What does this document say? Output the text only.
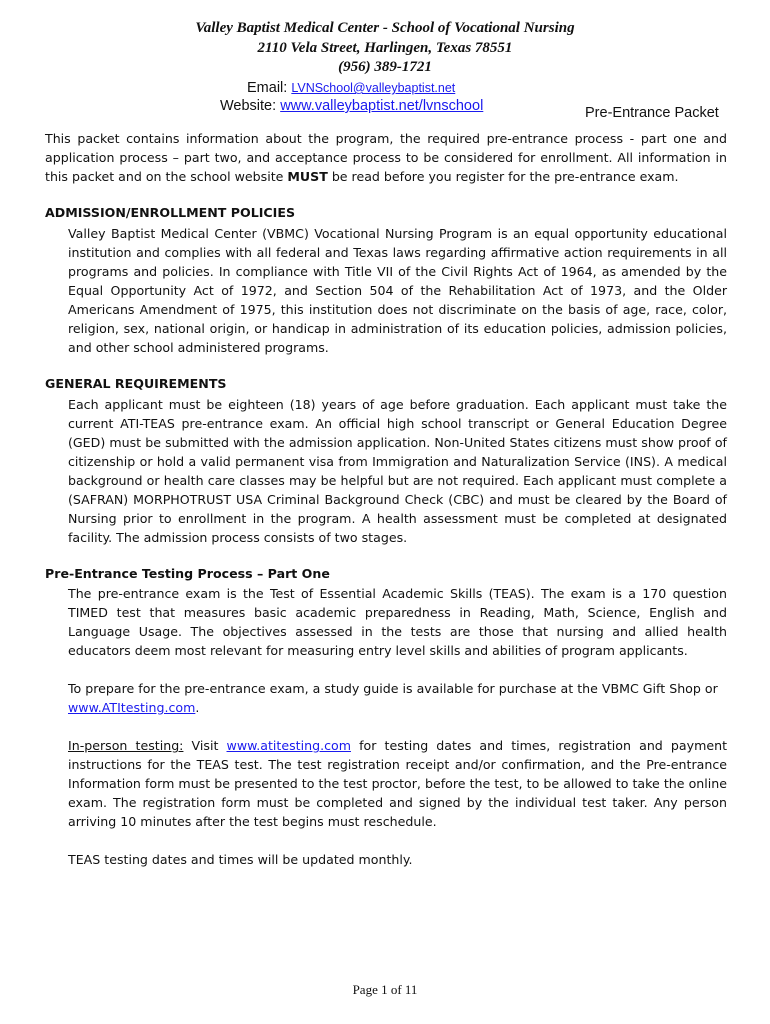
Valley Baptist Medical Center - School of Vocational Nursing
2110 Vela Street, Harlingen, Texas 78551
(956) 389-1721
Email: LVNSchool@valleybaptist.net
Website: www.valleybaptist.net/lvnschool	Pre-Entrance Packet

This packet contains information about the program, the required pre-entrance process - part one and application process – part two, and acceptance process to be considered for enrollment. All information in this packet and on the school website MUST be read before you register for the pre-entrance exam.

ADMISSION/ENROLLMENT POLICIES

Valley Baptist Medical Center (VBMC) Vocational Nursing Program is an equal opportunity educational institution and complies with all federal and Texas laws regarding affirmative action requirements in all programs and policies. In compliance with Title VII of the Civil Rights Act of 1964, as amended by the Equal Opportunity Act of 1972, and Section 504 of the Rehabilitation Act of 1973, and the Older Americans Amendment of 1975, this institution does not discriminate on the basis of age, race, color, religion, sex, national origin, or handicap in administration of its education policies, admission policies, and other school administered programs.

GENERAL REQUIREMENTS

Each applicant must be eighteen (18) years of age before graduation. Each applicant must take the current ATI-TEAS pre-entrance exam. An official high school transcript or General Education Degree (GED) must be submitted with the admission application. Non-United States citizens must show proof of citizenship or hold a valid permanent visa from Immigration and Naturalization Service (INS). A medical background or health care classes may be helpful but are not required. Each applicant must complete a (SAFRAN) MORPHOTRUST USA Criminal Background Check (CBC) and must be cleared by the Board of Nursing prior to enrollment in the program. A health assessment must be completed at designated facility. The admission process consists of two stages.

Pre-Entrance Testing Process – Part One

The pre-entrance exam is the Test of Essential Academic Skills (TEAS). The exam is a 170 question TIMED test that measures basic academic preparedness in Reading, Math, Science, English and Language Usage. The objectives assessed in the tests are those that nursing and allied health educators deem most relevant for measuring entry level skills and abilities of program applicants.

To prepare for the pre-entrance exam, a study guide is available for purchase at the VBMC Gift Shop or www.ATItesting.com.

In-person testing: Visit www.atitesting.com for testing dates and times, registration and payment instructions for the TEAS test. The test registration receipt and/or confirmation, and the Pre-entrance Information form must be presented to the test proctor, before the test, to be allowed to take the online exam. The registration form must be completed and signed by the individual test taker. Any person arriving 10 minutes after the test begins must reschedule.

TEAS testing dates and times will be updated monthly.

Page 1 of 11
